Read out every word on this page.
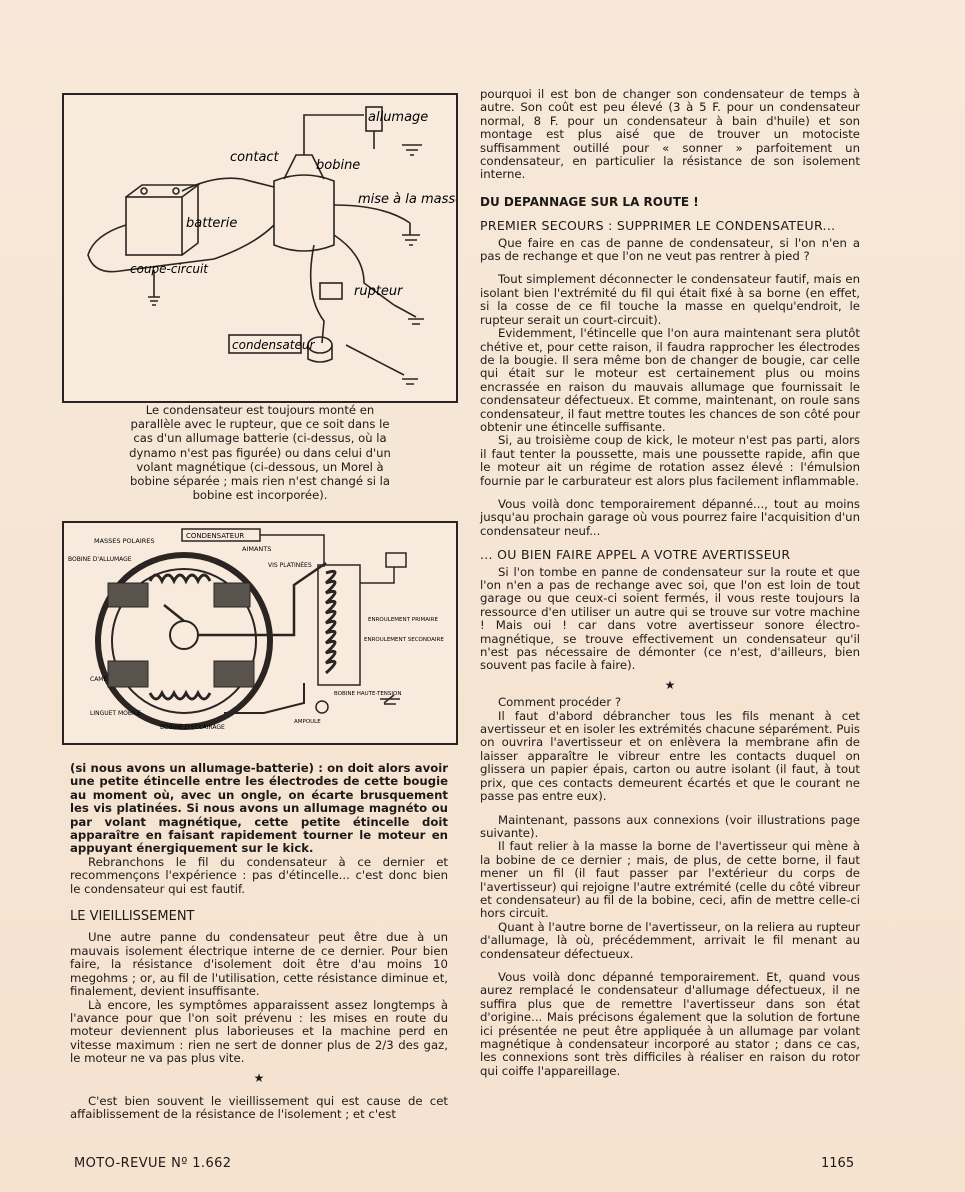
allumage
contact
bobine
mise à la masse
batterie
coupe-circuit
rupteur
condensateur
Le condensateur est toujours monté en parallèle avec le rupteur, que ce soit dans le cas d'un allumage batterie (ci-dessus, où la dynamo n'est pas figurée) ou dans celui d'un volant magnétique (ci-dessous, un Morel à bobine séparée ; mais rien n'est changé si la bobine est incorporée).
CONDENSATEUR
MASSES POLAIRES
AIMANTS
BOBINE D'ALLUMAGE
VIS PLATINÉES
ENROULEMENT PRIMAIRE
ENROULEMENT SECONDAIRE
CAME
BOBINE HAUTE-TENSION
LINGUET MOBILE
AMPOULE
BOBINE D'ÉCLAIRAGE

(si nous avons un allumage-batterie) : on doit alors avoir une petite étincelle entre les électrodes de cette bougie au moment où, avec un ongle, on écarte brusquement les vis platinées. Si nous avons un allumage magnéto ou par volant magnétique, cette petite étincelle doit apparaître en faisant rapidement tourner le moteur en appuyant énergiquement sur le kick.

Rebranchons le fil du condensateur à ce dernier et recommençons l'expérience : pas d'étincelle... c'est donc bien le condensateur qui est fautif.

LE VIEILLISSEMENT

Une autre panne du condensateur peut être due à un mauvais isolement électrique interne de ce dernier. Pour bien faire, la résistance d'isolement doit être d'au moins 10 megohms ; or, au fil de l'utilisation, cette résistance diminue et, finalement, devient insuffisante.

Là encore, les symptômes apparaissent assez longtemps à l'avance pour que l'on soit prévenu : les mises en route du moteur deviennent plus laborieuses et la machine perd en vitesse maximum : rien ne sert de donner plus de 2/3 des gaz, le moteur ne va pas plus vite.

★

C'est bien souvent le vieillissement qui est cause de cet affaiblissement de la résistance de l'isolement ; et c'est

pourquoi il est bon de changer son condensateur de temps à autre. Son coût est peu élevé (3 à 5 F. pour un condensateur normal, 8 F. pour un condensateur à bain d'huile) et son montage est plus aisé que de trouver un motociste suffisamment outillé pour « sonner » parfoitement un condensateur, en particulier la résistance de son isolement interne.

DU DEPANNAGE SUR LA ROUTE !
PREMIER SECOURS : SUPPRIMER LE CONDENSATEUR...

Que faire en cas de panne de condensateur, si l'on n'en a pas de rechange et que l'on ne veut pas rentrer à pied ?

Tout simplement déconnecter le condensateur fautif, mais en isolant bien l'extrémité du fil qui était fixé à sa borne (en effet, si la cosse de ce fil touche la masse en quelqu'endroit, le rupteur serait un court-circuit).

Evidemment, l'étincelle que l'on aura maintenant sera plutôt chétive et, pour cette raison, il faudra rapprocher les électrodes de la bougie. Il sera même bon de changer de bougie, car celle qui était sur le moteur est certainement plus ou moins encrassée en raison du mauvais allumage que fournissait le condensateur défectueux. Et comme, maintenant, on roule sans condensateur, il faut mettre toutes les chances de son côté pour obtenir une étincelle suffisante.

Si, au troisième coup de kick, le moteur n'est pas parti, alors il faut tenter la poussette, mais une poussette rapide, afin que le moteur ait un régime de rotation assez élevé : l'émulsion fournie par le carburateur est alors plus facilement inflammable.

Vous voilà donc temporairement dépanné..., tout au moins jusqu'au prochain garage où vous pourrez faire l'acquisition d'un condensateur neuf...

... OU BIEN FAIRE APPEL A VOTRE AVERTISSEUR

Si l'on tombe en panne de condensateur sur la route et que l'on n'en a pas de rechange avec soi, que l'on est loin de tout garage ou que ceux-ci soient fermés, il vous reste toujours la ressource d'en utiliser un autre qui se trouve sur votre machine ! Mais oui ! car dans votre avertisseur sonore électro-magnétique, se trouve effectivement un condensateur qu'il n'est pas nécessaire de démonter (ce n'est, d'ailleurs, bien souvent pas facile à faire).

★

Comment procéder ?

Il faut d'abord débrancher tous les fils menant à cet avertisseur et en isoler les extrémités chacune séparément. Puis on ouvrira l'avertisseur et on enlèvera la membrane afin de laisser apparaître le vibreur entre les contacts duquel on glissera un papier épais, carton ou autre isolant (il faut, à tout prix, que ces contacts demeurent écartés et que le courant ne passe pas entre eux).

Maintenant, passons aux connexions (voir illustrations page suivante).

Il faut relier à la masse la borne de l'avertisseur qui mène à la bobine de ce dernier ; mais, de plus, de cette borne, il faut mener un fil (il faut passer par l'extérieur du corps de l'avertisseur) qui rejoigne l'autre extrémité (celle du côté vibreur et condensateur) au fil de la bobine, ceci, afin de mettre celle-ci hors circuit.

Quant à l'autre borne de l'avertisseur, on la reliera au rupteur d'allumage, là où, précédemment, arrivait le fil menant au condensateur défectueux.

Vous voilà donc dépanné temporairement. Et, quand vous aurez remplacé le condensateur d'allumage défectueux, il ne suffira plus que de remettre l'avertisseur dans son état d'origine... Mais précisons également que la solution de fortune ici présentée ne peut être appliquée à un allumage par volant magnétique à condensateur incorporé au stator ; dans ce cas, les connexions sont très difficiles à réaliser en raison du rotor qui coiffe l'appareillage.

MOTO-REVUE Nº 1.662	1165
